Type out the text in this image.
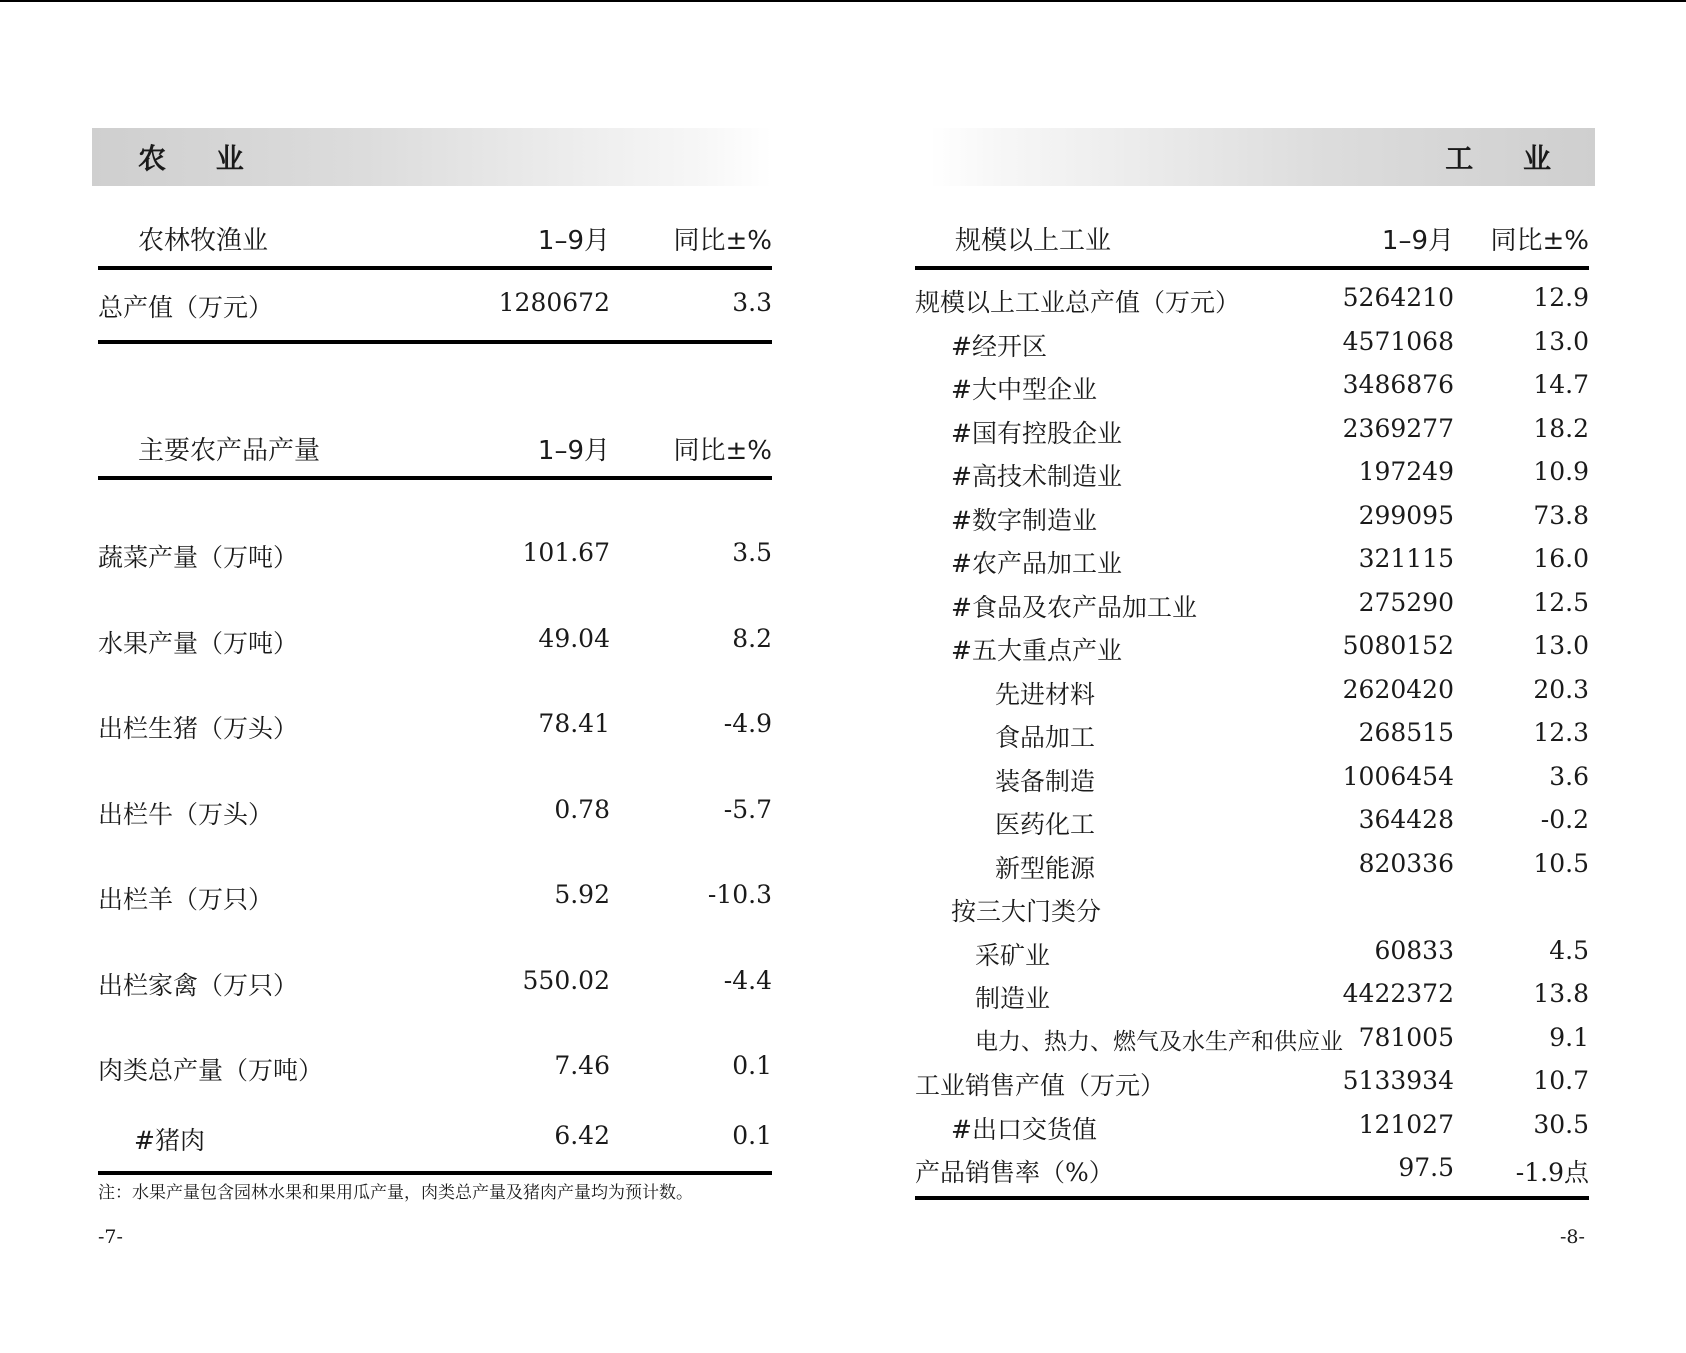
农 业	工 业
农林牧渔业	1–9月 同比±%
总产值（万元）	1280672	3.3
主要农产品产量	1–9月 同比±%
蔬菜产量（万吨）	101.67	3.5
水果产量（万吨）	49.04	8.2
出栏生猪（万头）	78.41	-4.9
出栏牛（万头）	0.78	-5.7
出栏羊（万只）	5.92	-10.3
出栏家禽（万只）	550.02	-4.4
肉类总产量（万吨）	7.46	0.1
#猪肉	6.42	0.1
注：水果产量包含园林水果和果用瓜产量，肉类总产量及猪肉产量均为预计数。
-7-
规模以上工业	1–9月 同比±%
规模以上工业总产值（万元）	5264210	12.9
#经开区	4571068	13.0
#大中型企业	3486876	14.7
#国有控股企业	2369277	18.2
#高技术制造业	197249	10.9
#数字制造业	299095	73.8
#农产品加工业	321115	16.0
#食品及农产品加工业	275290	12.5
#五大重点产业	5080152	13.0
先进材料	2620420	20.3
食品加工	268515	12.3
装备制造	1006454	3.6
医药化工	364428	-0.2
新型能源	820336	10.5
按三大门类分
采矿业	60833	4.5
制造业	4422372	13.8
电力、热力、燃气及水生产和供应业 781005	9.1
工业销售产值（万元）	5133934	10.7
#出口交货值	121027	30.5
产品销售率（%）	97.5 -1.9点
-8-
